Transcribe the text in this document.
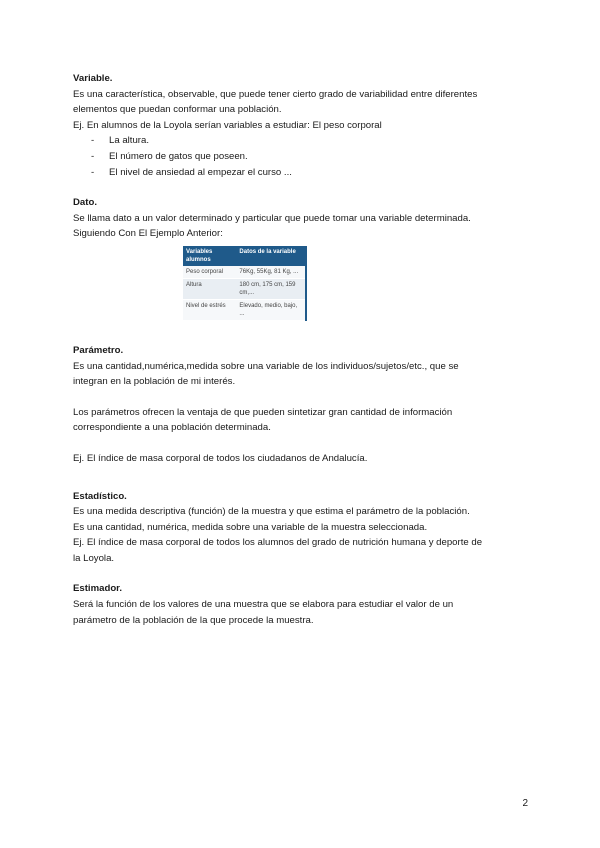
Variable.

Es una característica, observable, que puede tener cierto grado de variabilidad entre diferentes

elementos que puedan conformar una población.

Ej. En alumnos de la Loyola serían variables a estudiar: El peso corporal

- La altura.
- El número de gatos que poseen.
- El nivel de ansiedad al empezar el curso ...

Dato.

Se llama dato a un valor determinado y particular que puede tomar una variable determinada.

Siguiendo Con El Ejemplo Anterior:

Variables alumnos	Datos de la variable
Peso corporal	76Kg, 55Kg, 81 Kg, ...
Altura	180 cm, 175 cm, 159 cm,...
Nivel de estrés	Elevado, medio, bajo, ...

Parámetro.

Es una cantidad,numérica,medida sobre una variable de los individuos/sujetos/etc., que se

integran en la población de mi interés.

Los parámetros ofrecen la ventaja de que pueden sintetizar gran cantidad de información

correspondiente a una población determinada.

Ej. El índice de masa corporal de todos los ciudadanos de Andalucía.

Estadístico.

Es una medida descriptiva (función) de la muestra y que estima el parámetro de la población.

Es una cantidad, numérica, medida sobre una variable de la muestra seleccionada.

Ej. El índice de masa corporal de todos los alumnos del grado de nutrición humana y deporte de

la Loyola.

Estimador.

Será la función de los valores de una muestra que se elabora para estudiar el valor de un

parámetro de la población de la que procede la muestra.

2
